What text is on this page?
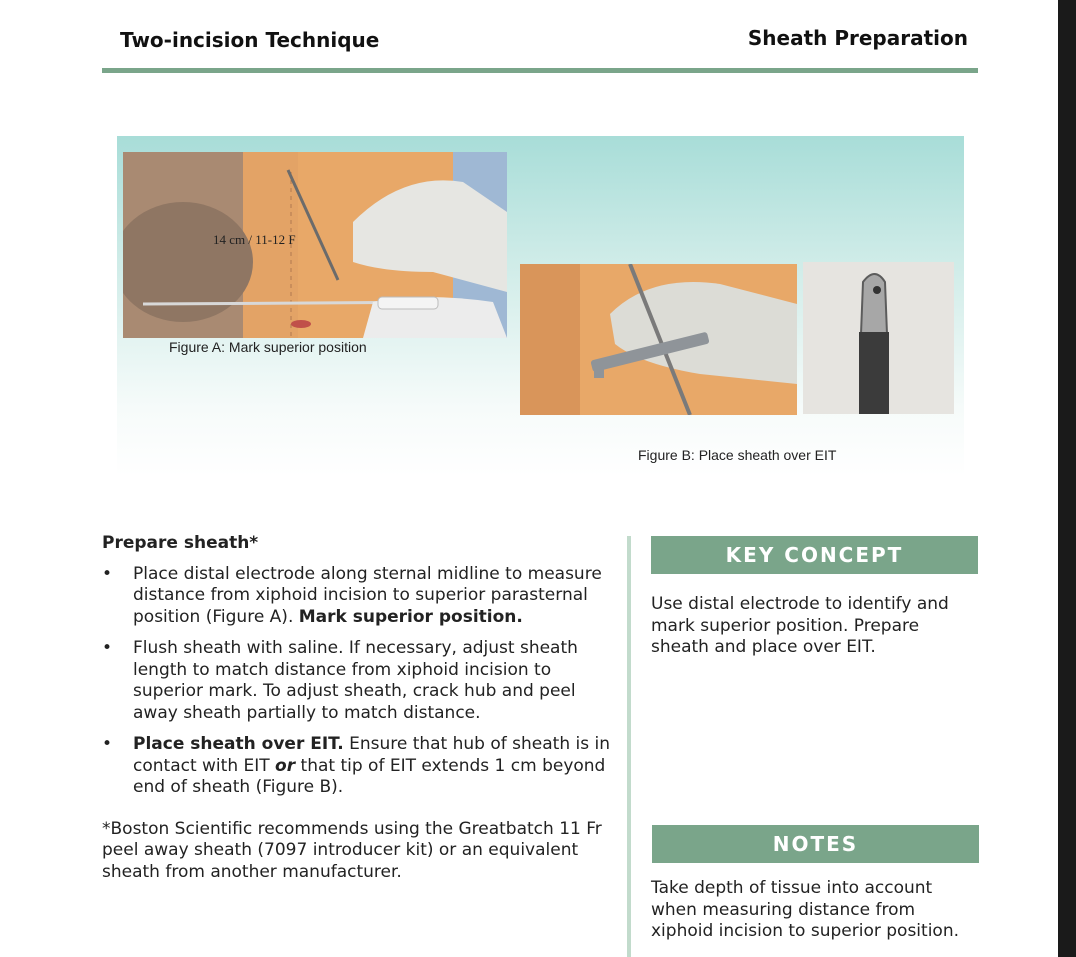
Two-incision Technique	Sheath Preparation
14 cm / 11-12 F
Figure A: Mark superior position
Figure B: Place sheath over EIT
Prepare sheath*
• Place distal electrode along sternal midline to measure distance from xiphoid incision to superior parasternal position (Figure A). Mark superior position.
• Flush sheath with saline. If necessary, adjust sheath length to match distance from xiphoid incision to superior mark. To adjust sheath, crack hub and peel away sheath partially to match distance.
• Place sheath over EIT. Ensure that hub of sheath is in contact with EIT or that tip of EIT extends 1 cm beyond end of sheath (Figure B).
*Boston Scientific recommends using the Greatbatch 11 Fr peel away sheath (7097 introducer kit) or an equivalent sheath from another manufacturer.
KEY CONCEPT
Use distal electrode to identify and mark superior position. Prepare sheath and place over EIT.
NOTES
Take depth of tissue into account when measuring distance from xiphoid incision to superior position.
